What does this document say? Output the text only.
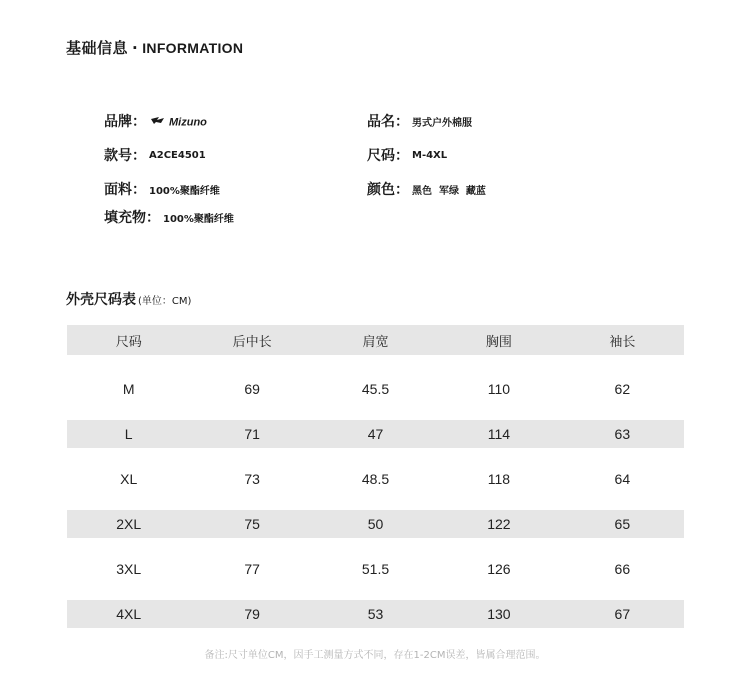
基础信息 · INFORMATION
品牌： Mizuno
款号： A2CE4501
面料： 100%聚酯纤维
填充物： 100%聚酯纤维
品名： 男式户外棉服
尺码： M-4XL
颜色： 黑色  军绿  藏蓝
外壳尺码表 (单位：CM)
尺码	后中长	肩宽	胸围	袖长
M	69	45.5	110	62
L	71	47	114	63
XL	73	48.5	118	64
2XL	75	50	122	65
3XL	77	51.5	126	66
4XL	79	53	130	67
备注:尺寸单位CM，因手工测量方式不同，存在1-2CM误差，皆属合理范围。
